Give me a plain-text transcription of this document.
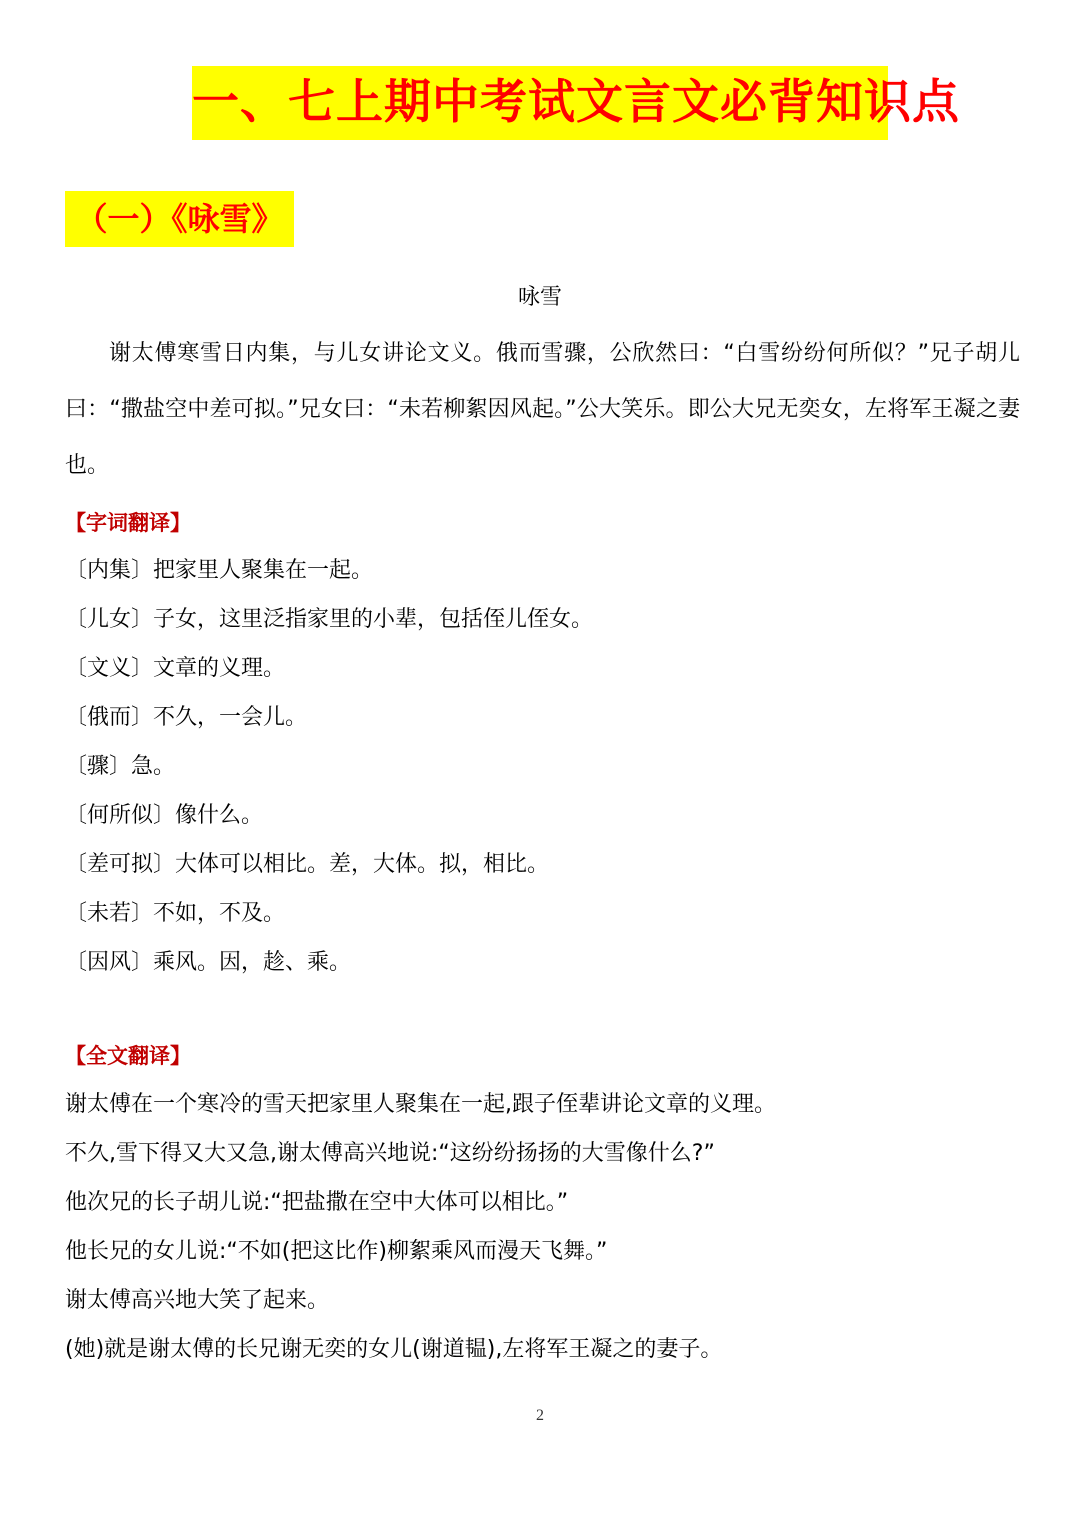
一、七上期中考试文言文必背知识点
（一）《咏雪》
咏雪

谢太傅寒雪日内集，与儿女讲论文义。俄而雪骤，公欣然曰：“白雪纷纷何所似？”兄子胡儿曰：“撒盐空中差可拟。”兄女曰：“未若柳絮因风起。”公大笑乐。即公大兄无奕女，左将军王凝之妻也。

【字词翻译】
〔内集〕把家里人聚集在一起。
〔儿女〕子女，这里泛指家里的小辈，包括侄儿侄女。
〔文义〕文章的义理。
〔俄而〕不久，一会儿。
〔骤〕急。
〔何所似〕像什么。
〔差可拟〕大体可以相比。差，大体。拟，相比。
〔未若〕不如，不及。
〔因风〕乘风。因，趁、乘。
【全文翻译】
谢太傅在一个寒冷的雪天把家里人聚集在一起,跟子侄辈讲论文章的义理。
不久,雪下得又大又急,谢太傅高兴地说:“这纷纷扬扬的大雪像什么?”
他次兄的长子胡儿说:“把盐撒在空中大体可以相比。”
他长兄的女儿说:“不如(把这比作)柳絮乘风而漫天飞舞。”
谢太傅高兴地大笑了起来。
(她)就是谢太傅的长兄谢无奕的女儿(谢道韫),左将军王凝之的妻子。
2
